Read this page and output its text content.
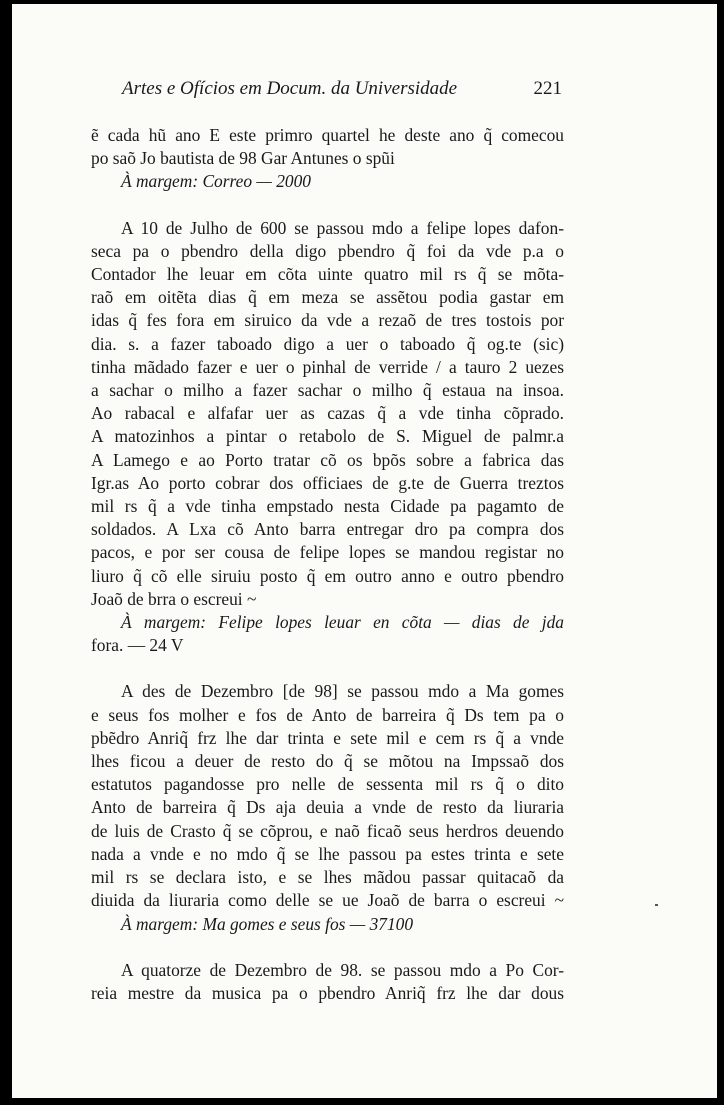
Artes e Ofícios em Docum. da Universidade	221
ẽ cada hũ ano E este primro quartel he deste ano q̃ comecou
po saõ Jo bautista de 98 Gar Antunes o spũi
À margem: Correo — 2000
A 10 de Julho de 600 se passou mdo a felipe lopes dafon-
seca pa o pbendro della digo pbendro q̃ foi da vde p.a o
Contador lhe leuar em cõta uinte quatro mil rs q̃ se mõta-
raõ em oitẽta dias q̃ em meza se assẽtou podia gastar em
idas q̃ fes fora em siruico da vde a rezaõ de tres tostois por
dia. s. a fazer taboado digo a uer o taboado q̃ og.te (sic)
tinha mãdado fazer e uer o pinhal de verride / a tauro 2 uezes
a sachar o milho a fazer sachar o milho q̃ estaua na insoa.
Ao rabacal e alfafar uer as cazas q̃ a vde tinha cõprado.
A matozinhos a pintar o retabolo de S. Miguel de palmr.a
A Lamego e ao Porto tratar cõ os bpõs sobre a fabrica das
Igr.as Ao porto cobrar dos officiaes de g.te de Guerra treztos
mil rs q̃ a vde tinha empstado nesta Cidade pa pagamto de
soldados. A Lxa cõ Anto barra entregar dro pa compra dos
pacos, e por ser cousa de felipe lopes se mandou registar no
liuro q̃ cõ elle siruiu posto q̃ em outro anno e outro pbendro
Joaõ de brra o escreui ~
À margem: Felipe lopes leuar en cõta — dias de jda
fora. — 24 V
A des de Dezembro [de 98] se passou mdo a Ma gomes
e seus fos molher e fos de Anto de barreira q̃ Ds tem pa o
pbẽdro Anriq̃ frz lhe dar trinta e sete mil e cem rs q̃ a vnde
lhes ficou a deuer de resto do q̃ se mõtou na Impssaõ dos
estatutos pagandosse pro nelle de sessenta mil rs q̃ o dito
Anto de barreira q̃ Ds aja deuia a vnde de resto da liuraria
de luis de Crasto q̃ se cõprou, e naõ ficaõ seus herdros deuendo
nada a vnde e no mdo q̃ se lhe passou pa estes trinta e sete
mil rs se declara isto, e se lhes mãdou passar quitacaõ da
diuida da liuraria como delle se ue Joaõ de barra o escreui ~
À margem: Ma gomes e seus fos — 37100
A quatorze de Dezembro de 98. se passou mdo a Po Cor-
reia mestre da musica pa o pbendro Anriq̃ frz lhe dar dous
